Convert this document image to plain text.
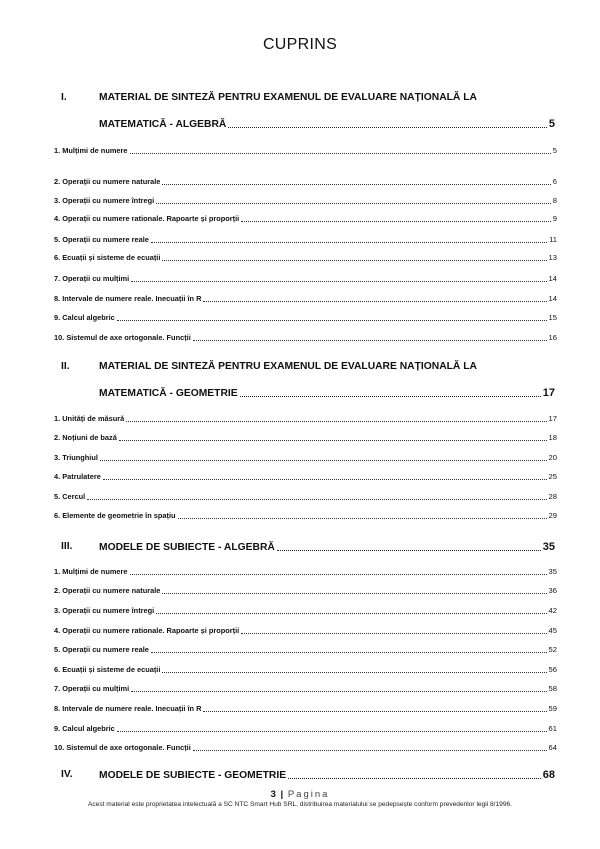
CUPRINS
I.	MATERIAL DE SINTEZĂ PENTRU EXAMENUL DE EVALUARE NAȚIONALĂ LA
MATEMATICĂ - ALGEBRĂ	5
1. Mulțimi de numere	5
2. Operații cu numere naturale	6
3. Operații cu numere întregi	8
4. Operații cu numere rationale. Rapoarte și proporții	9
5. Operații cu numere reale	11
6. Ecuații și sisteme de ecuații	13
7. Operații cu mulțimi	14
8. Intervale de numere reale. Inecuații în R	14
9. Calcul algebric	15
10. Sistemul de axe ortogonale. Funcții	16
II.	MATERIAL DE SINTEZĂ PENTRU EXAMENUL DE EVALUARE NAȚIONALĂ LA
MATEMATICĂ - GEOMETRIE	17
1. Unități de măsură	17
2. Noțiuni de bază	18
3. Triunghiul	20
4. Patrulatere	25
5. Cercul	28
6. Elemente de geometrie în spațiu	29
III.	MODELE DE SUBIECTE - ALGEBRĂ	35
1. Mulțimi de numere	35
2. Operații cu numere naturale	36
3. Operații cu numere întregi	42
4. Operații cu numere rationale. Rapoarte și proporții	45
5. Operații cu numere reale	52
6. Ecuații și sisteme de ecuații	56
7. Operații cu mulțimi	58
8. Intervale de numere reale. Inecuații în R	59
9. Calcul algebric	61
10. Sistemul de axe ortogonale. Funcții	64
IV.	MODELE DE SUBIECTE - GEOMETRIE	68
3 | Pagina
Acest material este proprietatea intelectuală a SC NTC Smart Hub SRL, distribuirea materialului se pedepsește conform prevederilor legii 8/1996.
